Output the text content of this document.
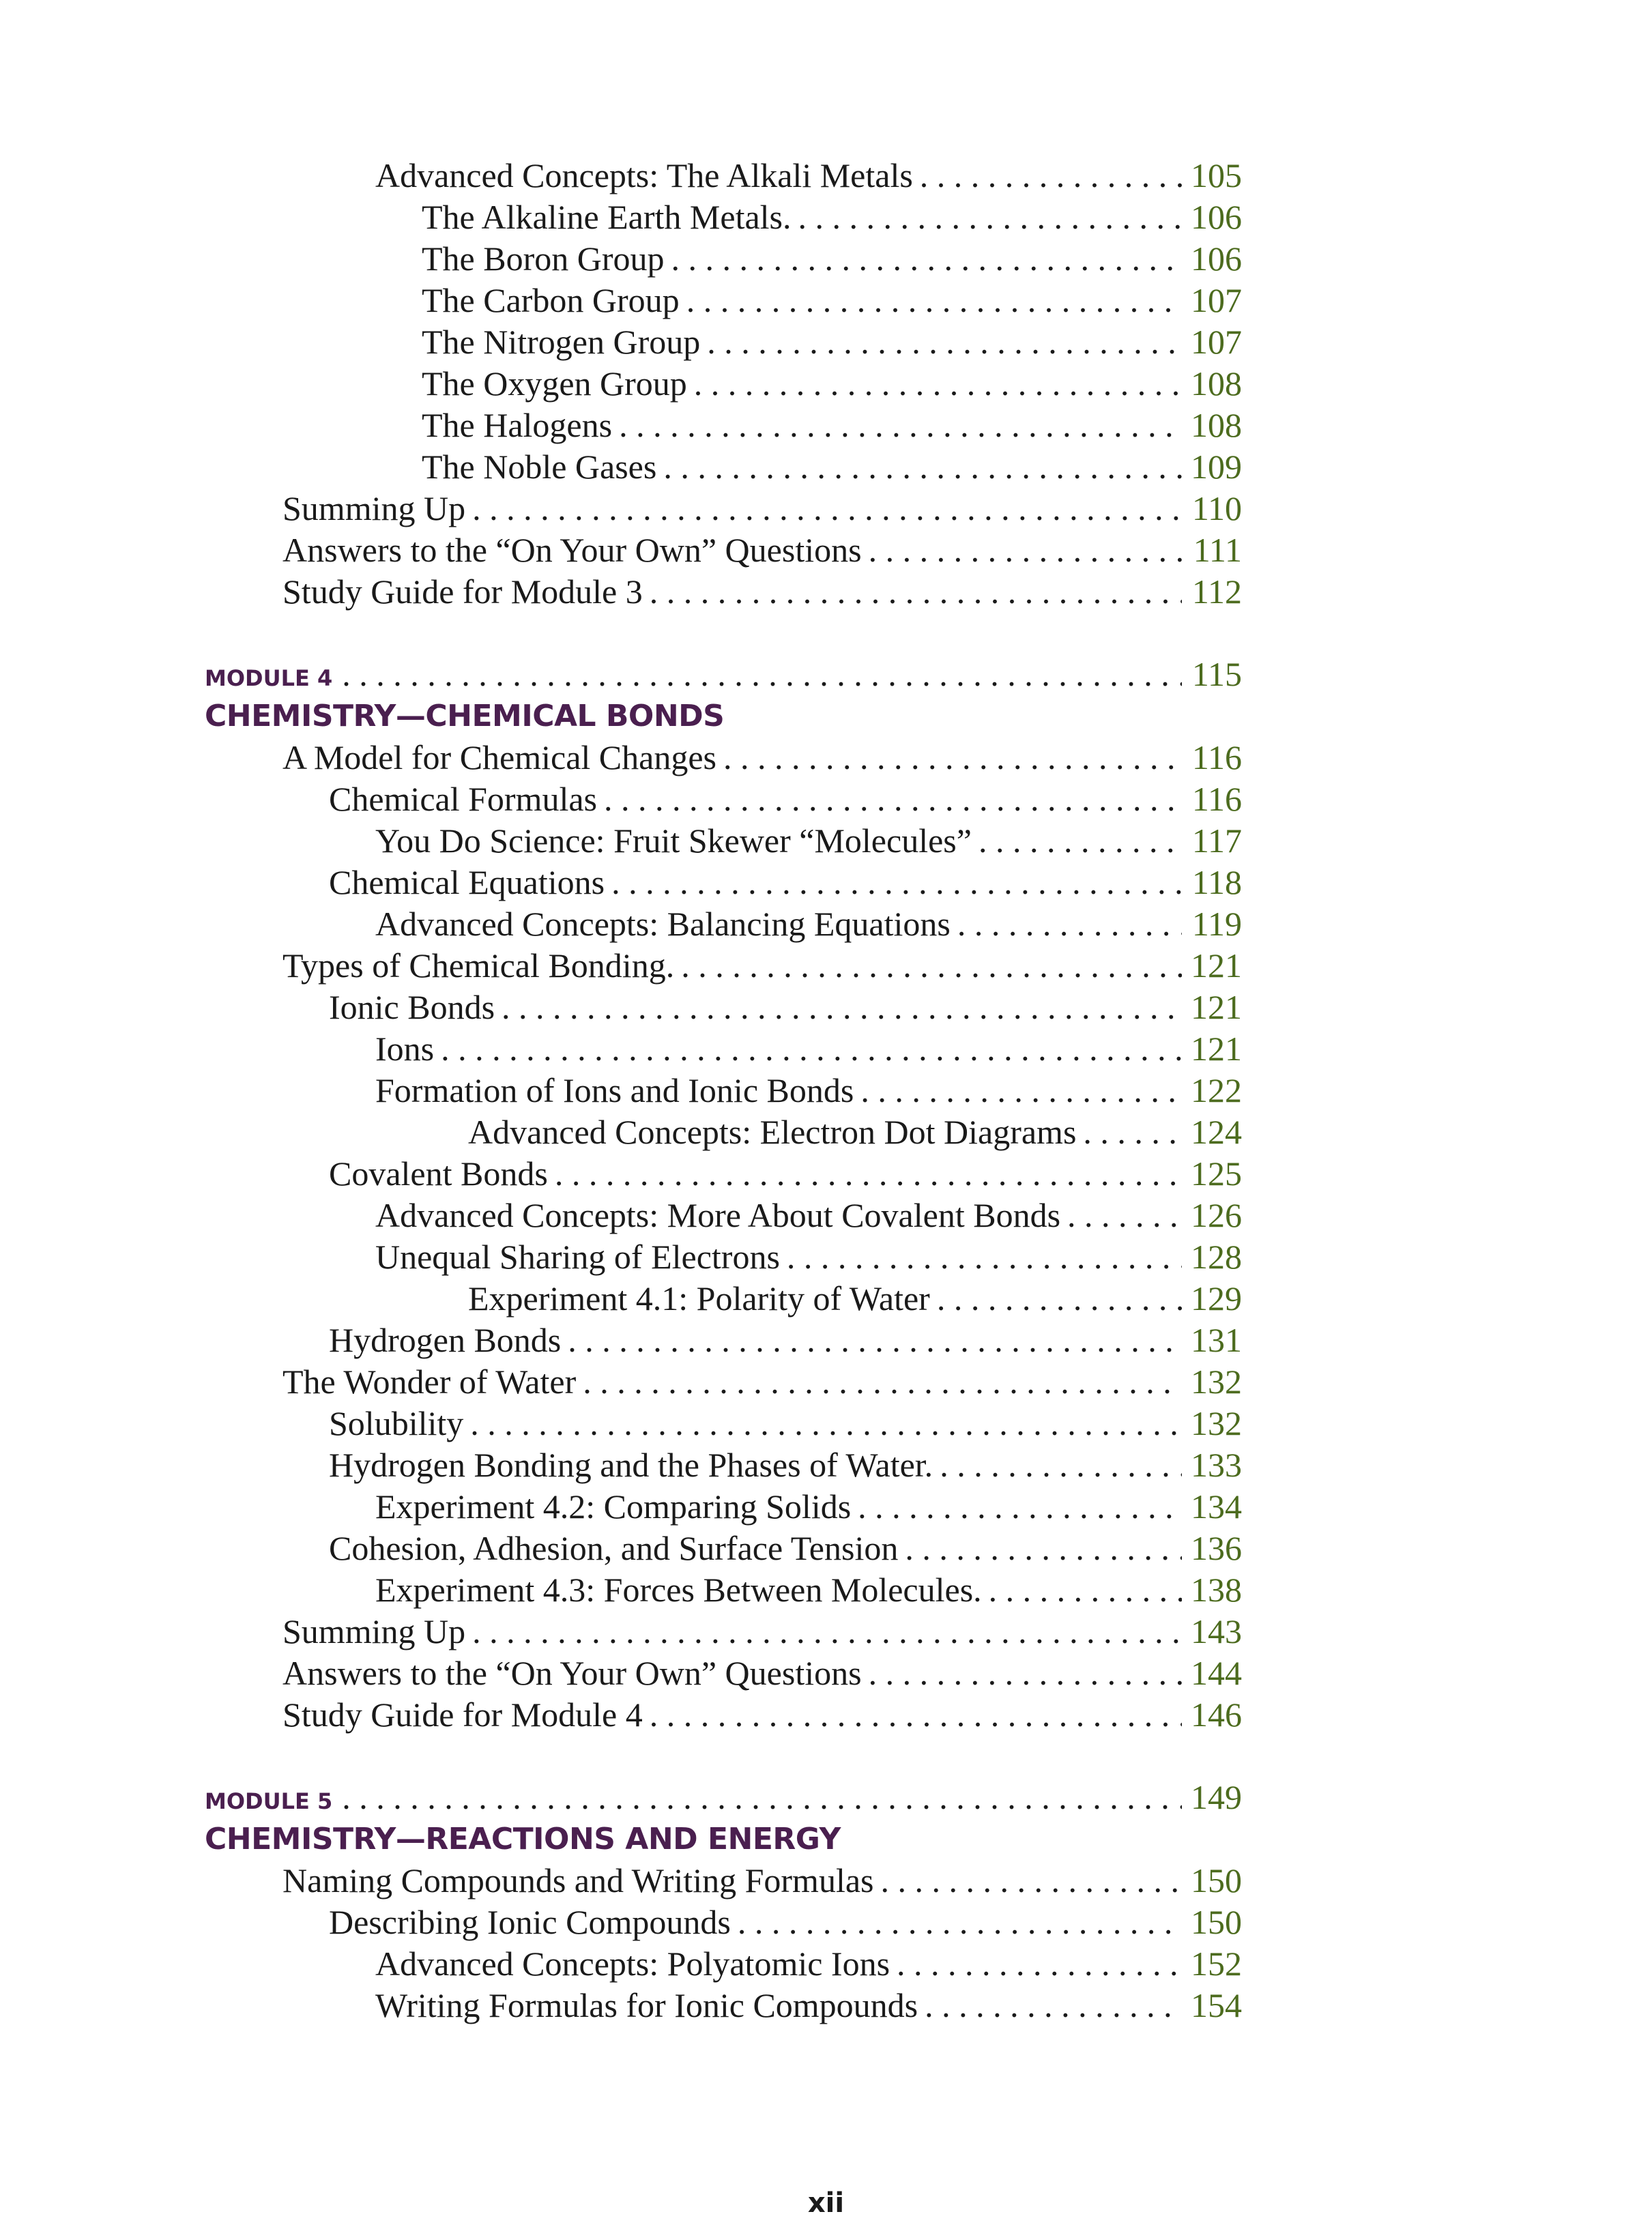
Advanced Concepts: The Alkali Metals . . .	105
The Alkaline Earth Metals. . . .	106
The Boron Group . . .	106
The Carbon Group . . .	107
The Nitrogen Group . . .	107
The Oxygen Group . . .	108
The Halogens . . .	108
The Noble Gases . . .	109
Summing Up . . .	110
Answers to the “On Your Own” Questions . . .	111
Study Guide for Module 3 . . .	112
MODULE 4 . . .	115
CHEMISTRY—CHEMICAL BONDS
A Model for Chemical Changes . . .	116
Chemical Formulas . . .	116
You Do Science: Fruit Skewer “Molecules” . . .	117
Chemical Equations . . .	118
Advanced Concepts: Balancing Equations . . .	119
Types of Chemical Bonding. . . .	121
Ionic Bonds . . .	121
Ions . . .	121
Formation of Ions and Ionic Bonds . . .	122
Advanced Concepts: Electron Dot Diagrams . . .	124
Covalent Bonds . . .	125
Advanced Concepts: More About Covalent Bonds . . .	126
Unequal Sharing of Electrons . . .	128
Experiment 4.1: Polarity of Water . . .	129
Hydrogen Bonds . . .	131
The Wonder of Water . . .	132
Solubility . . .	132
Hydrogen Bonding and the Phases of Water. . . .	133
Experiment 4.2: Comparing Solids . . .	134
Cohesion, Adhesion, and Surface Tension . . .	136
Experiment 4.3: Forces Between Molecules. . . .	138
Summing Up . . .	143
Answers to the “On Your Own” Questions . . .	144
Study Guide for Module 4 . . .	146
MODULE 5 . . .	149
CHEMISTRY—REACTIONS AND ENERGY
Naming Compounds and Writing Formulas . . .	150
Describing Ionic Compounds . . .	150
Advanced Concepts: Polyatomic Ions . . .	152
Writing Formulas for Ionic Compounds . . .	154
xii
